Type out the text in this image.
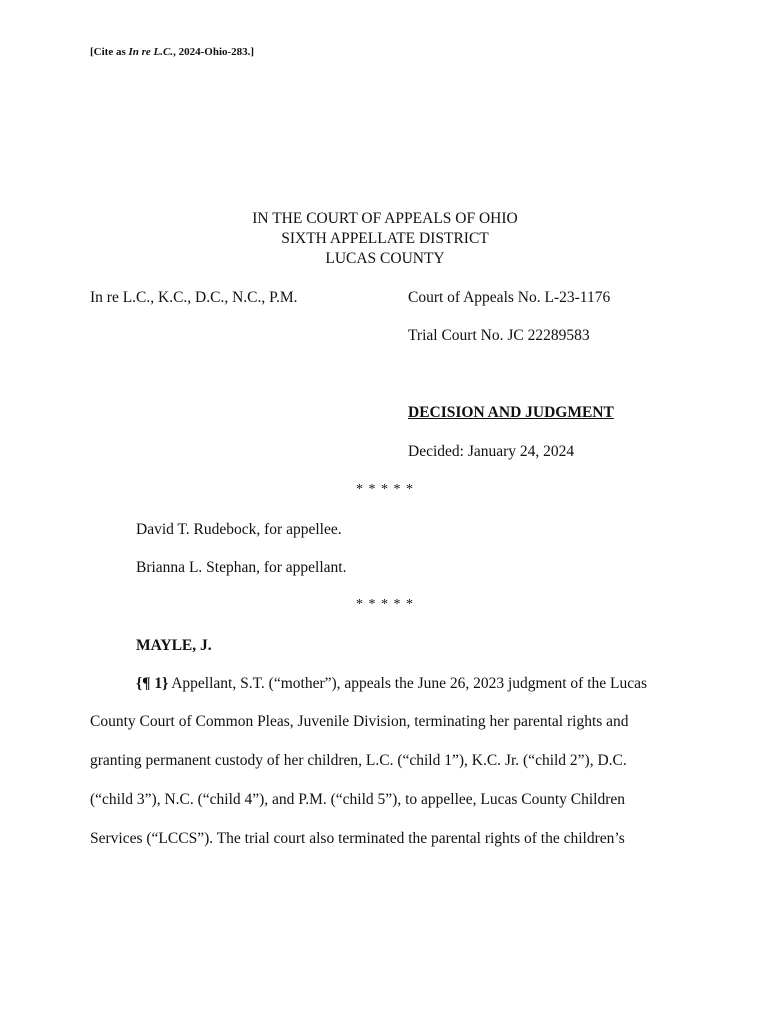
[Cite as In re L.C., 2024-Ohio-283.]
IN THE COURT OF APPEALS OF OHIO
SIXTH APPELLATE DISTRICT
LUCAS COUNTY
In re L.C., K.C., D.C., N.C., P.M.	Court of Appeals No. L-23-1176
Trial Court No. JC 22289583
DECISION AND JUDGMENT
Decided: January 24, 2024
* * * * *
David T. Rudebock, for appellee.
Brianna L. Stephan, for appellant.
* * * * *
MAYLE, J.
{¶ 1} Appellant, S.T. (“mother”), appeals the June 26, 2023 judgment of the Lucas
County Court of Common Pleas, Juvenile Division, terminating her parental rights and
granting permanent custody of her children, L.C. (“child 1”), K.C. Jr. (“child 2”), D.C.
(“child 3”), N.C. (“child 4”), and P.M. (“child 5”), to appellee, Lucas County Children
Services (“LCCS”). The trial court also terminated the parental rights of the children’s
